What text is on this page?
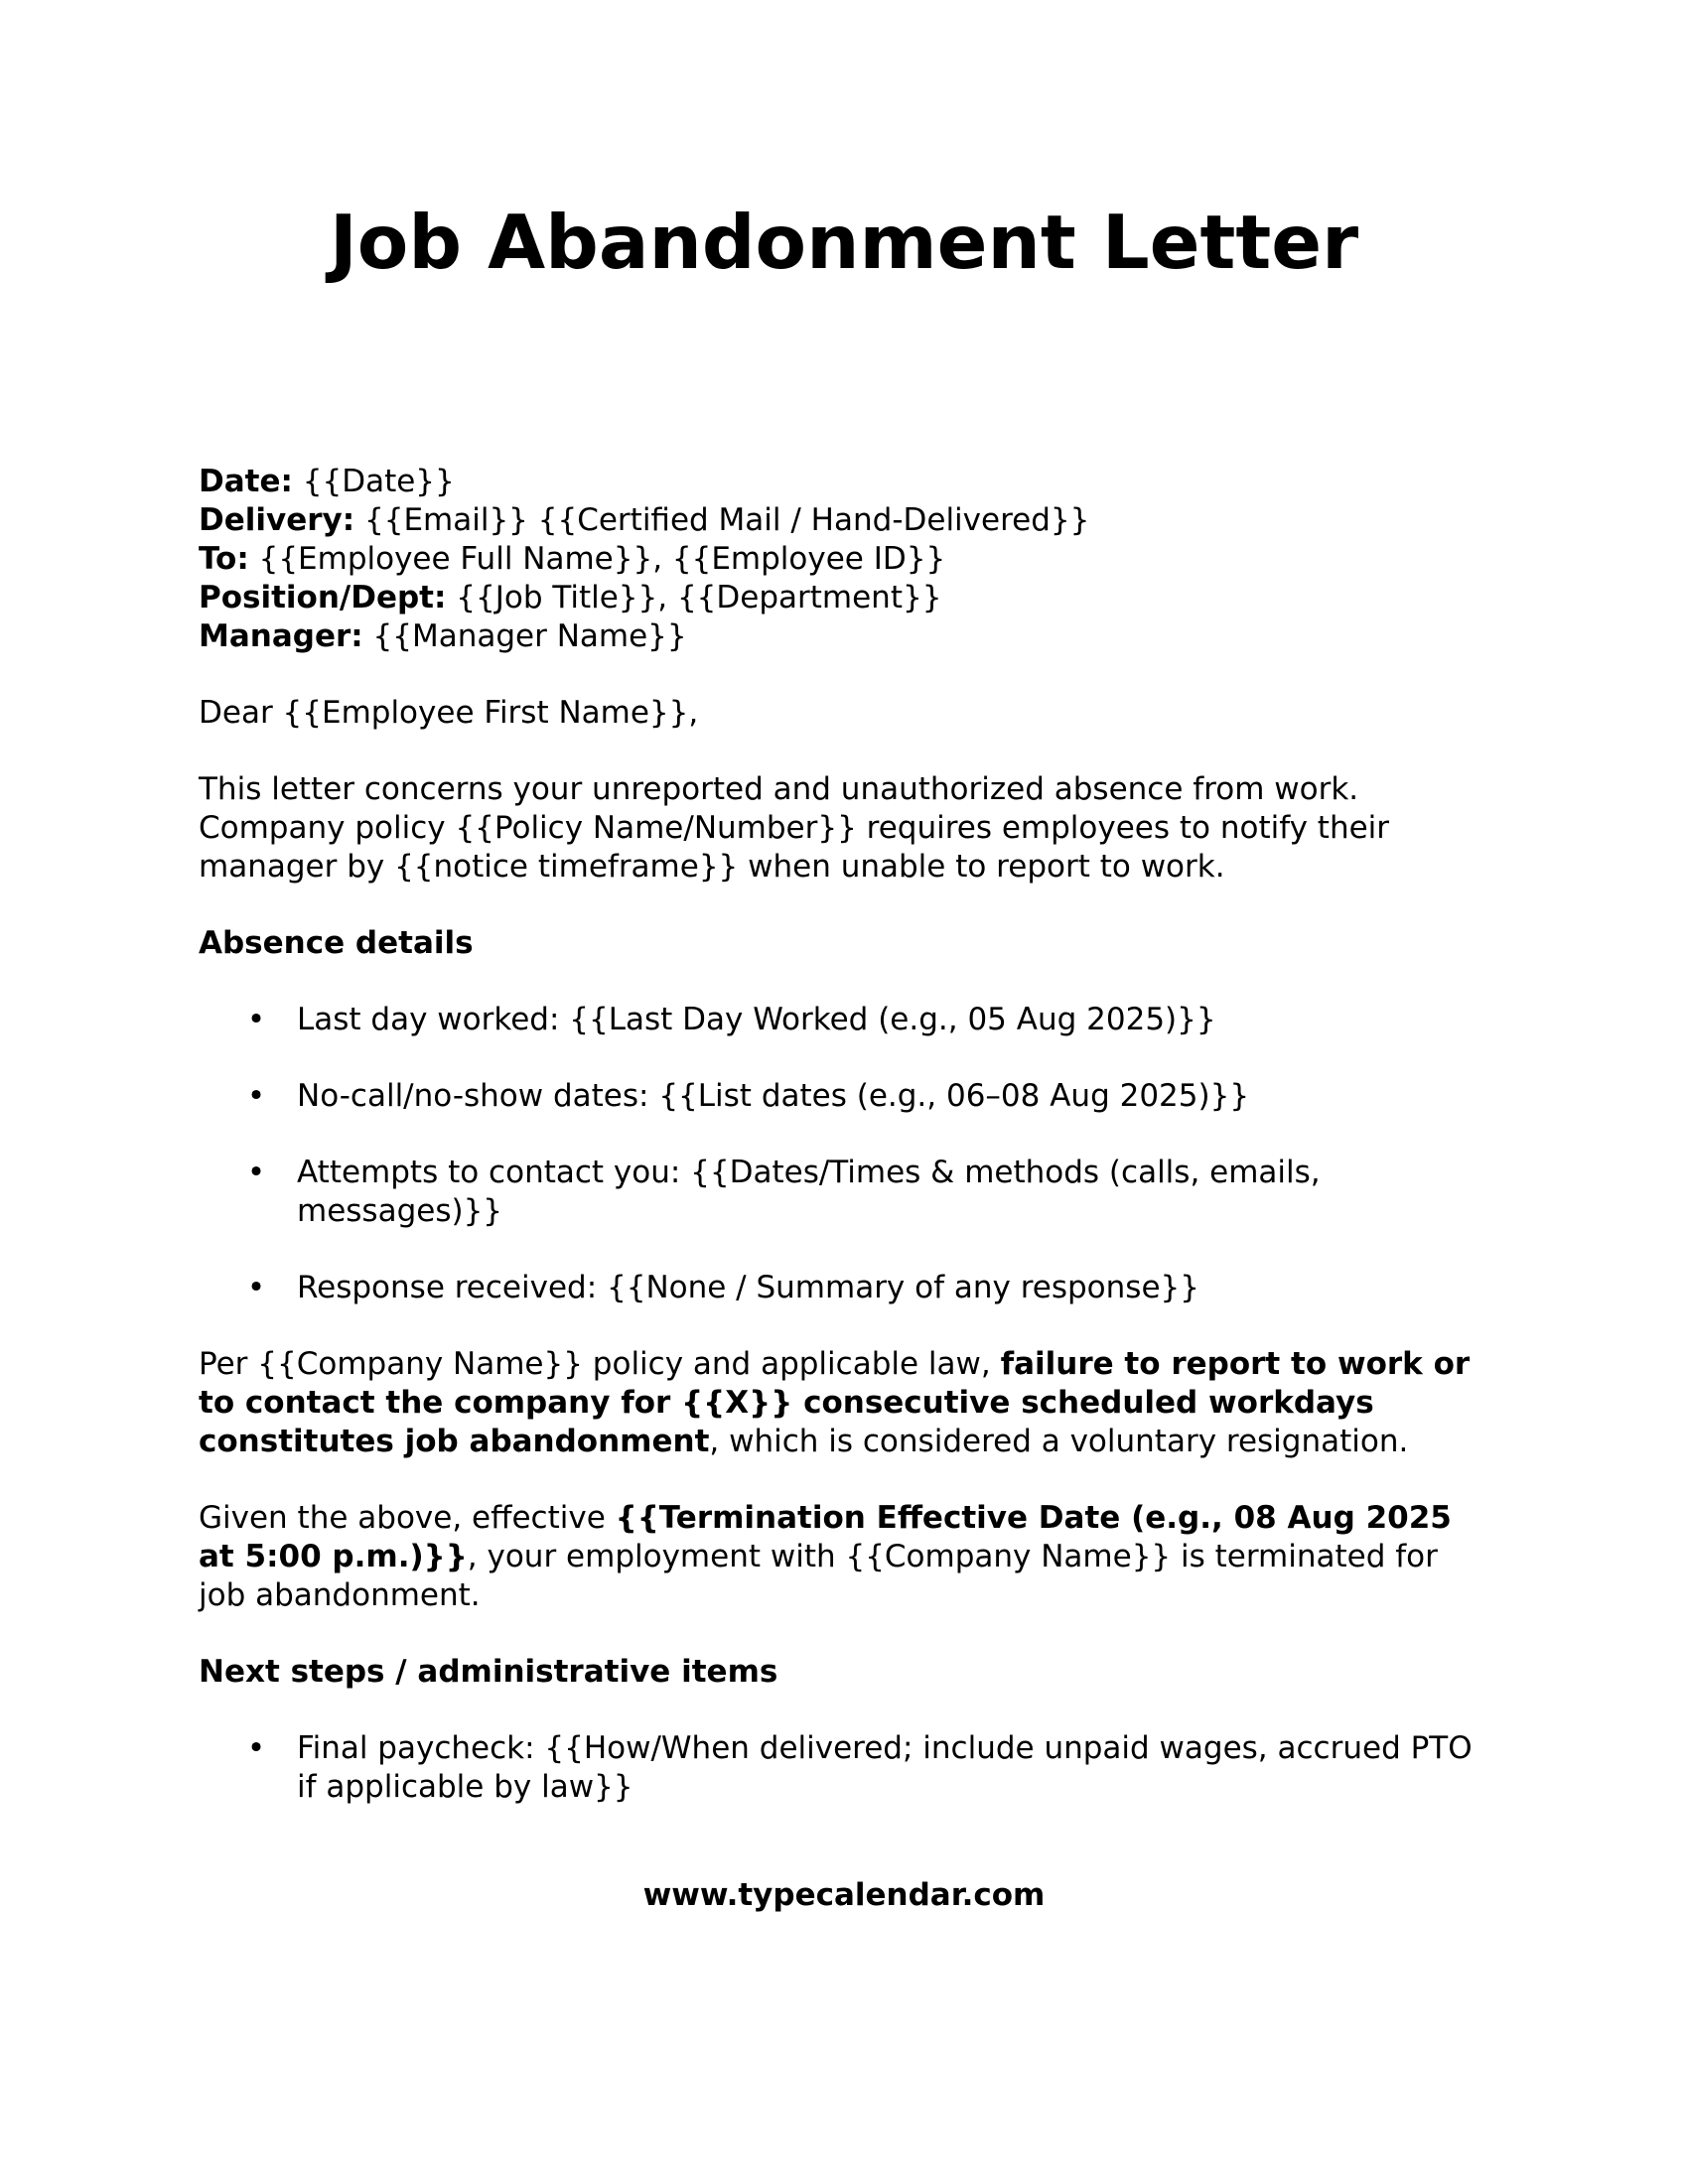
Job Abandonment Letter

Date: {{Date}}

Delivery: {{Email}} {{Certified Mail / Hand-Delivered}}

To: {{Employee Full Name}}, {{Employee ID}}

Position/Dept: {{Job Title}}, {{Department}}

Manager: {{Manager Name}}

Dear {{Employee First Name}},

This letter concerns your unreported and unauthorized absence from work. Company policy {{Policy Name/Number}} requires employees to notify their manager by {{notice timeframe}} when unable to report to work.

Absence details

• Last day worked: {{Last Day Worked (e.g., 05 Aug 2025)}}
• No-call/no-show dates: {{List dates (e.g., 06–08 Aug 2025)}}
• Attempts to contact you: {{Dates/Times & methods (calls, emails, messages)}}
• Response received: {{None / Summary of any response}}

Per {{Company Name}} policy and applicable law, failure to report to work or to contact the company for {{X}} consecutive scheduled workdays constitutes job abandonment, which is considered a voluntary resignation.

Given the above, effective {{Termination Effective Date (e.g., 08 Aug 2025 at 5:00 p.m.)}}, your employment with {{Company Name}} is terminated for job abandonment.

Next steps / administrative items

• Final paycheck: {{How/When delivered; include unpaid wages, accrued PTO if applicable by law}}
www.typecalendar.com
